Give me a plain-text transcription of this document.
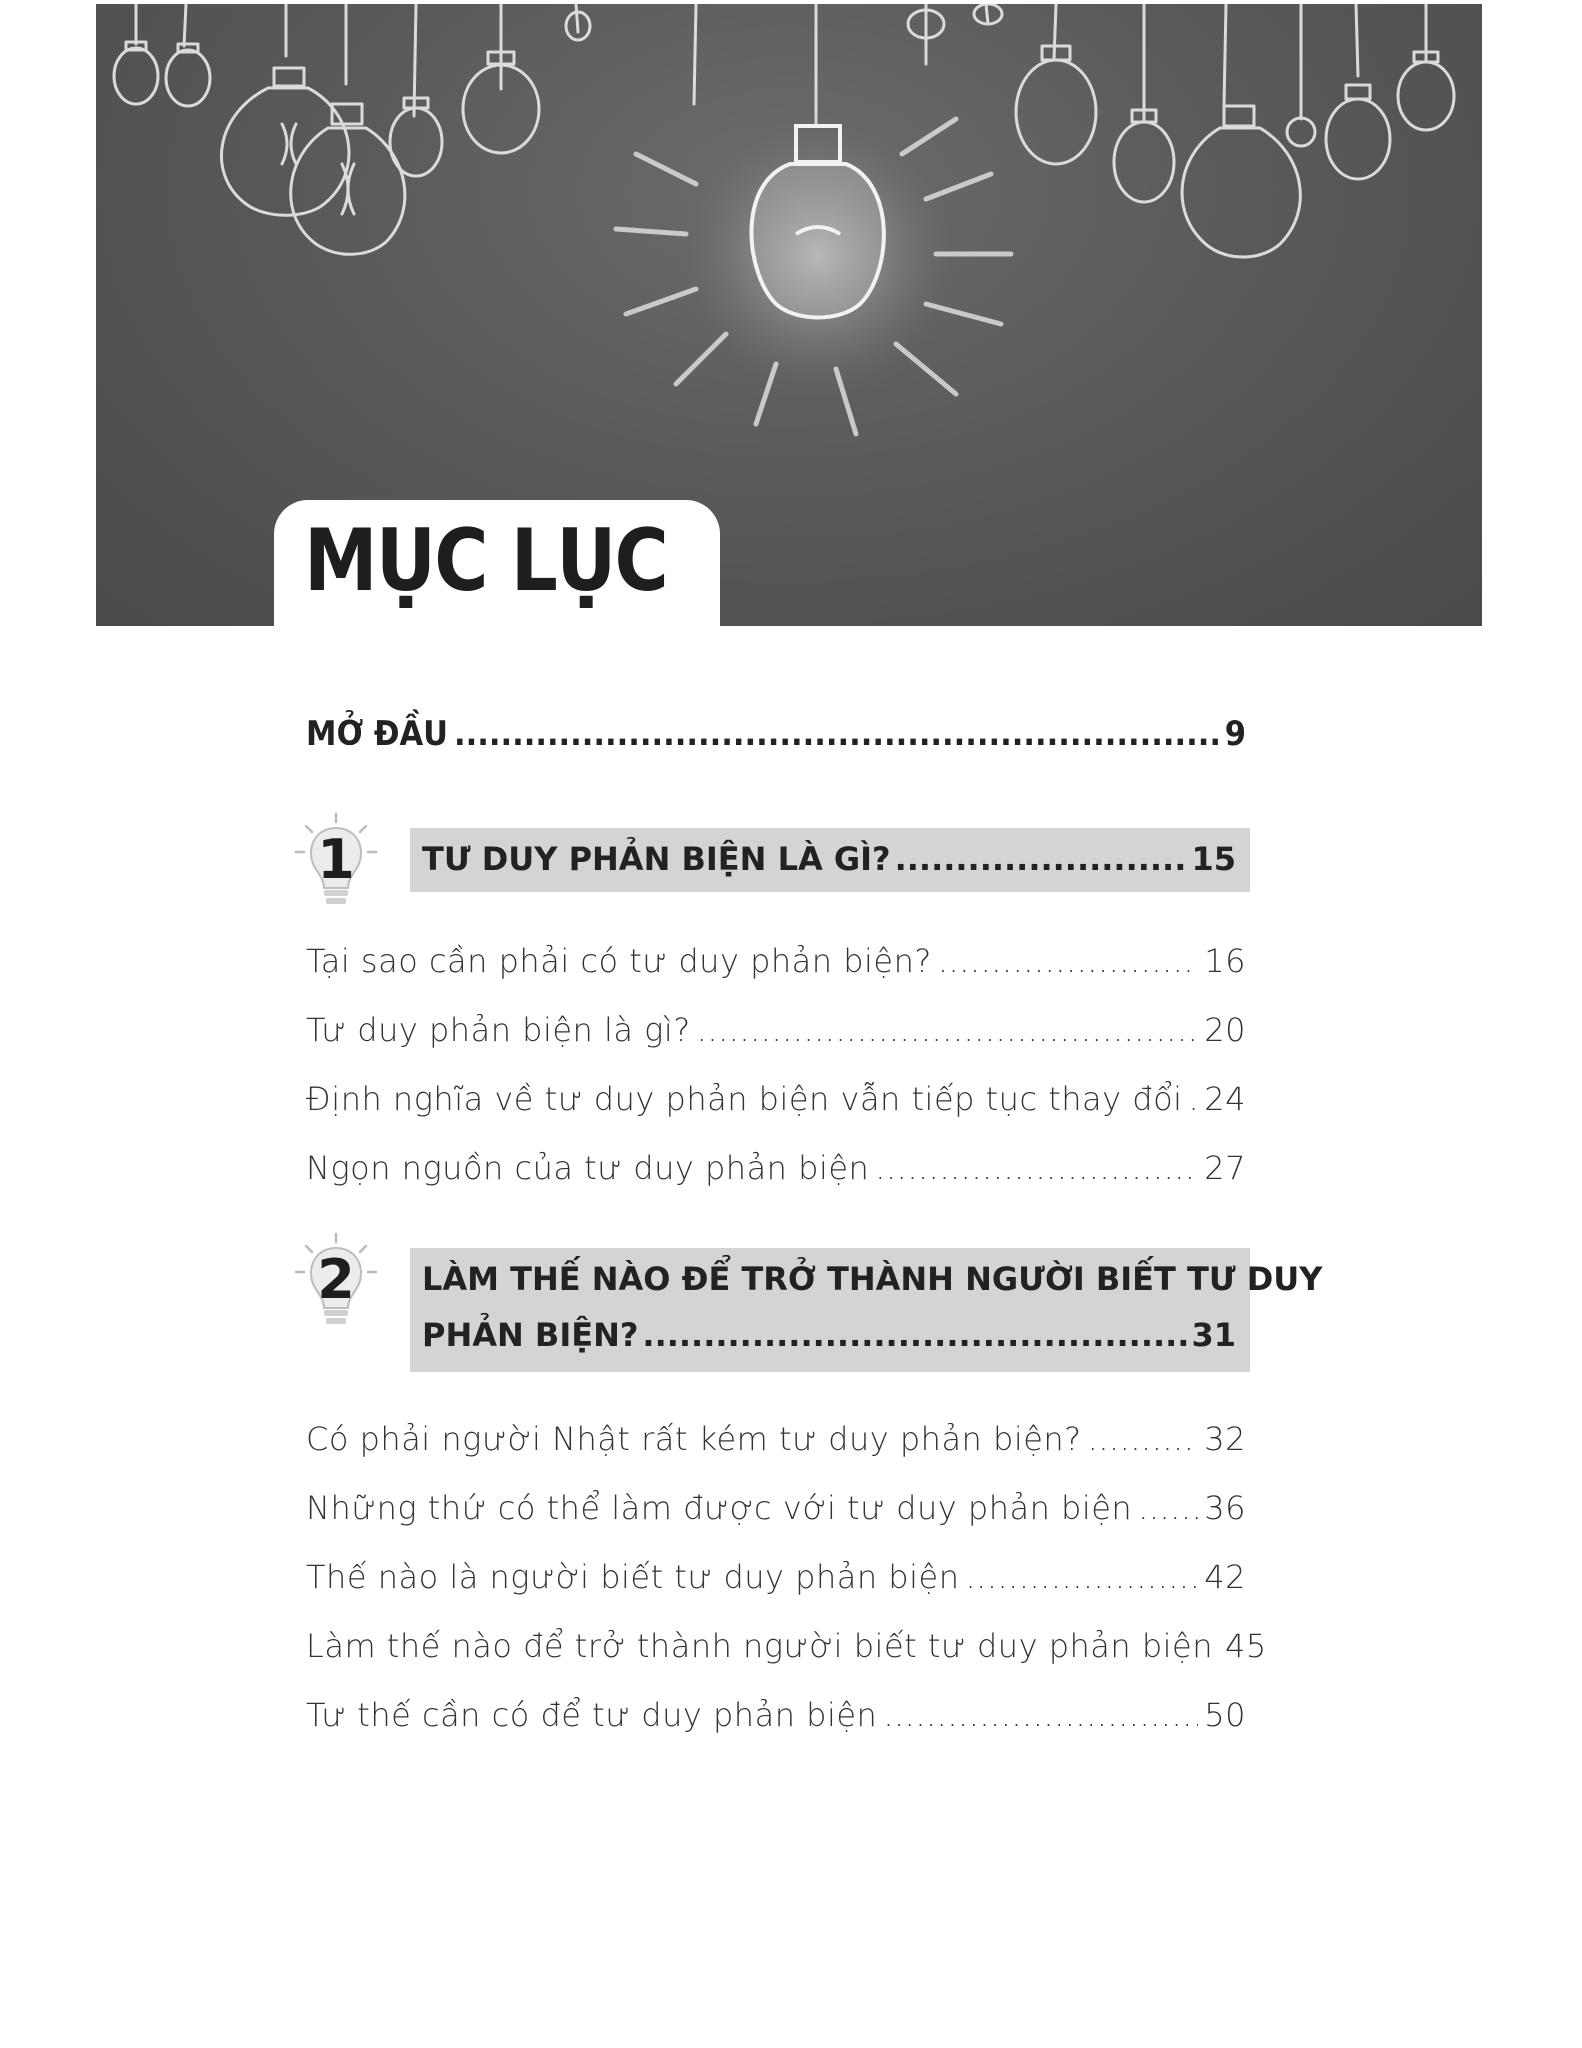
MỤC LỤC
MỞ ĐẦU .....	9
1 TƯ DUY PHẢN BIỆN LÀ GÌ? .....	15
Tại sao cần phải có tư duy phản biện? .....	16
Tư duy phản biện là gì? .....	20
Định nghĩa về tư duy phản biện vẫn tiếp tục thay đổi ..... 24
Ngọn nguồn của tư duy phản biện .....	27
2 LÀM THẾ NÀO ĐỂ TRỞ THÀNH NGƯỜI BIẾT TƯ DUY
PHẢN BIỆN? .....	31
Có phải người Nhật rất kém tư duy phản biện? .....	32
Những thứ có thể làm được với tư duy phản biện ..... 36
Thế nào là người biết tư duy phản biện .....	42
Làm thế nào để trở thành người biết tư duy phản biện 45
Tư thế cần có để tư duy phản biện .....	50
